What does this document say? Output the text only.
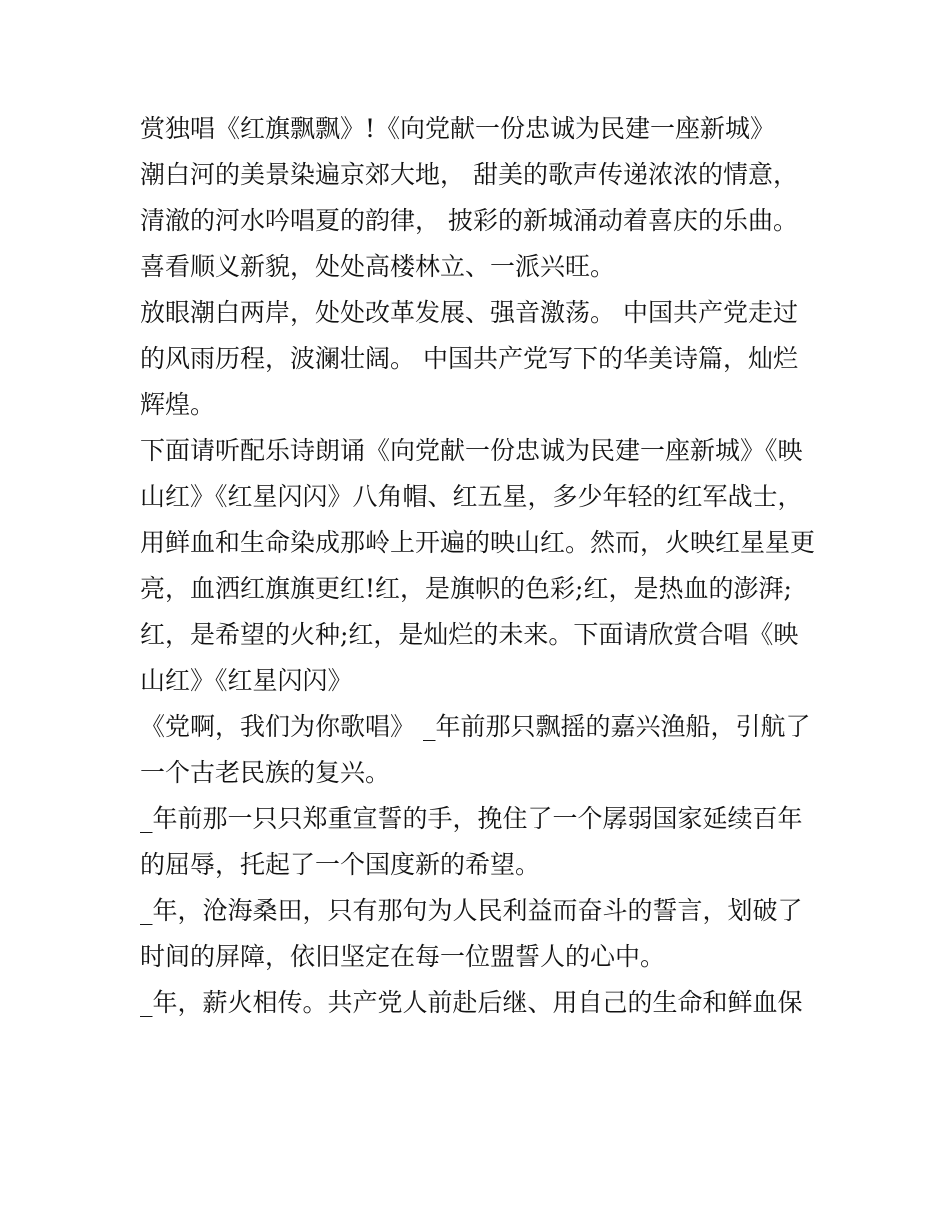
赏独唱《红旗飘飘》!《向党献一份忠诚为民建一座新城》
潮白河的美景染遍京郊大地， 甜美的歌声传递浓浓的情意，
清澈的河水吟唱夏的韵律， 披彩的新城涌动着喜庆的乐曲。
喜看顺义新貌，处处高楼林立、一派兴旺。
放眼潮白两岸，处处改革发展、强音激荡。 中国共产党走过
的风雨历程，波澜壮阔。 中国共产党写下的华美诗篇，灿烂
辉煌。
下面请听配乐诗朗诵《向党献一份忠诚为民建一座新城》《映
山红》《红星闪闪》八角帽、红五星，多少年轻的红军战士，
用鲜血和生命染成那岭上开遍的映山红。然而，火映红星星更
亮，血洒红旗旗更红!红，是旗帜的色彩;红，是热血的澎湃;
红，是希望的火种;红，是灿烂的未来。下面请欣赏合唱《映
山红》《红星闪闪》
《党啊，我们为你歌唱》 _年前那只飘摇的嘉兴渔船，引航了
一个古老民族的复兴。
_年前那一只只郑重宣誓的手，挽住了一个孱弱国家延续百年
的屈辱，托起了一个国度新的希望。
_年，沧海桑田，只有那句为人民利益而奋斗的誓言，划破了
时间的屏障，依旧坚定在每一位盟誓人的心中。
_年，薪火相传。共产党人前赴后继、用自己的生命和鲜血保
